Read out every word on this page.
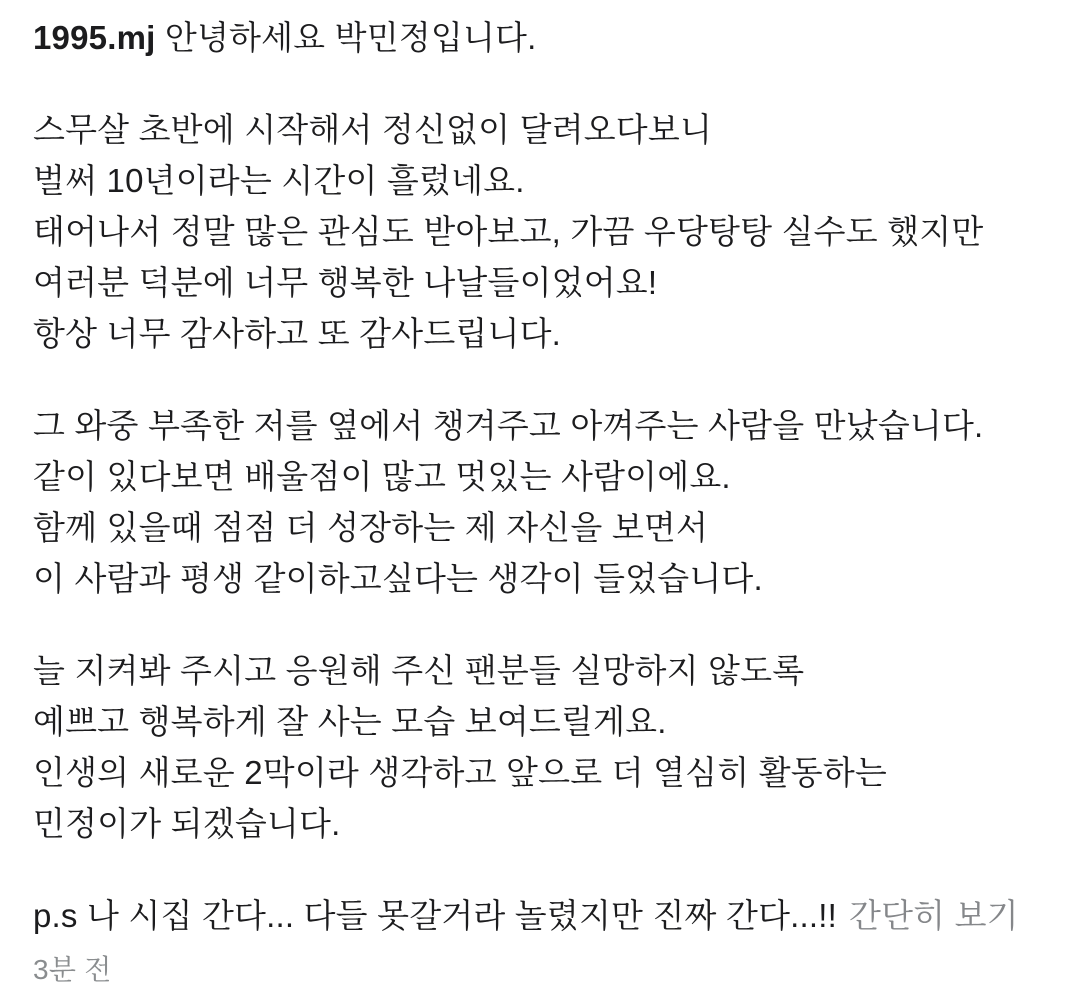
1995.mj 안녕하세요 박민정입니다.
스무살 초반에 시작해서 정신없이 달려오다보니
벌써 10년이라는 시간이 흘렀네요.
태어나서 정말 많은 관심도 받아보고, 가끔 우당탕탕 실수도 했지만
여러분 덕분에 너무 행복한 나날들이었어요!
항상 너무 감사하고 또 감사드립니다.
그 와중 부족한 저를 옆에서 챙겨주고 아껴주는 사람을 만났습니다.
같이 있다보면 배울점이 많고 멋있는 사람이에요.
함께 있을때 점점 더 성장하는 제 자신을 보면서
이 사람과 평생 같이하고싶다는 생각이 들었습니다.
늘 지켜봐 주시고 응원해 주신 팬분들 실망하지 않도록
예쁘고 행복하게 잘 사는 모습 보여드릴게요.
인생의 새로운 2막이라 생각하고 앞으로 더 열심히 활동하는
민정이가 되겠습니다.
p.s 나 시집 간다... 다들 못갈거라 놀렸지만 진짜 간다...!! 간단히 보기
3분 전
